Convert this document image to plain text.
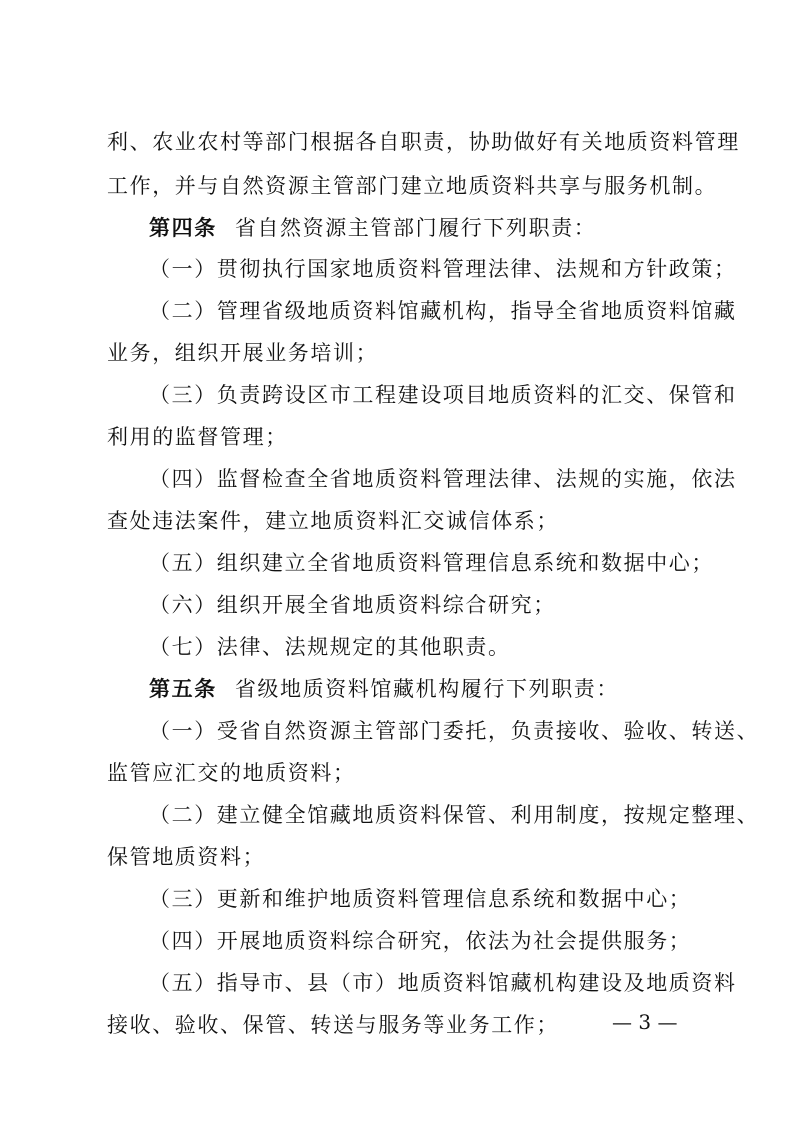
利、农业农村等部门根据各自职责，协助做好有关地质资料管理
工作，并与自然资源主管部门建立地质资料共享与服务机制。
第四条 省自然资源主管部门履行下列职责：
（一）贯彻执行国家地质资料管理法律、法规和方针政策；
（二）管理省级地质资料馆藏机构，指导全省地质资料馆藏
业务，组织开展业务培训；
（三）负责跨设区市工程建设项目地质资料的汇交、保管和
利用的监督管理；
（四）监督检查全省地质资料管理法律、法规的实施，依法
查处违法案件，建立地质资料汇交诚信体系；
（五）组织建立全省地质资料管理信息系统和数据中心；
（六）组织开展全省地质资料综合研究；
（七）法律、法规规定的其他职责。
第五条 省级地质资料馆藏机构履行下列职责：
（一）受省自然资源主管部门委托，负责接收、验收、转送、
监管应汇交的地质资料；
（二）建立健全馆藏地质资料保管、利用制度，按规定整理、
保管地质资料；
（三）更新和维护地质资料管理信息系统和数据中心；
（四）开展地质资料综合研究，依法为社会提供服务；
（五）指导市、县（市）地质资料馆藏机构建设及地质资料
接收、验收、保管、转送与服务等业务工作；	— 3 —
